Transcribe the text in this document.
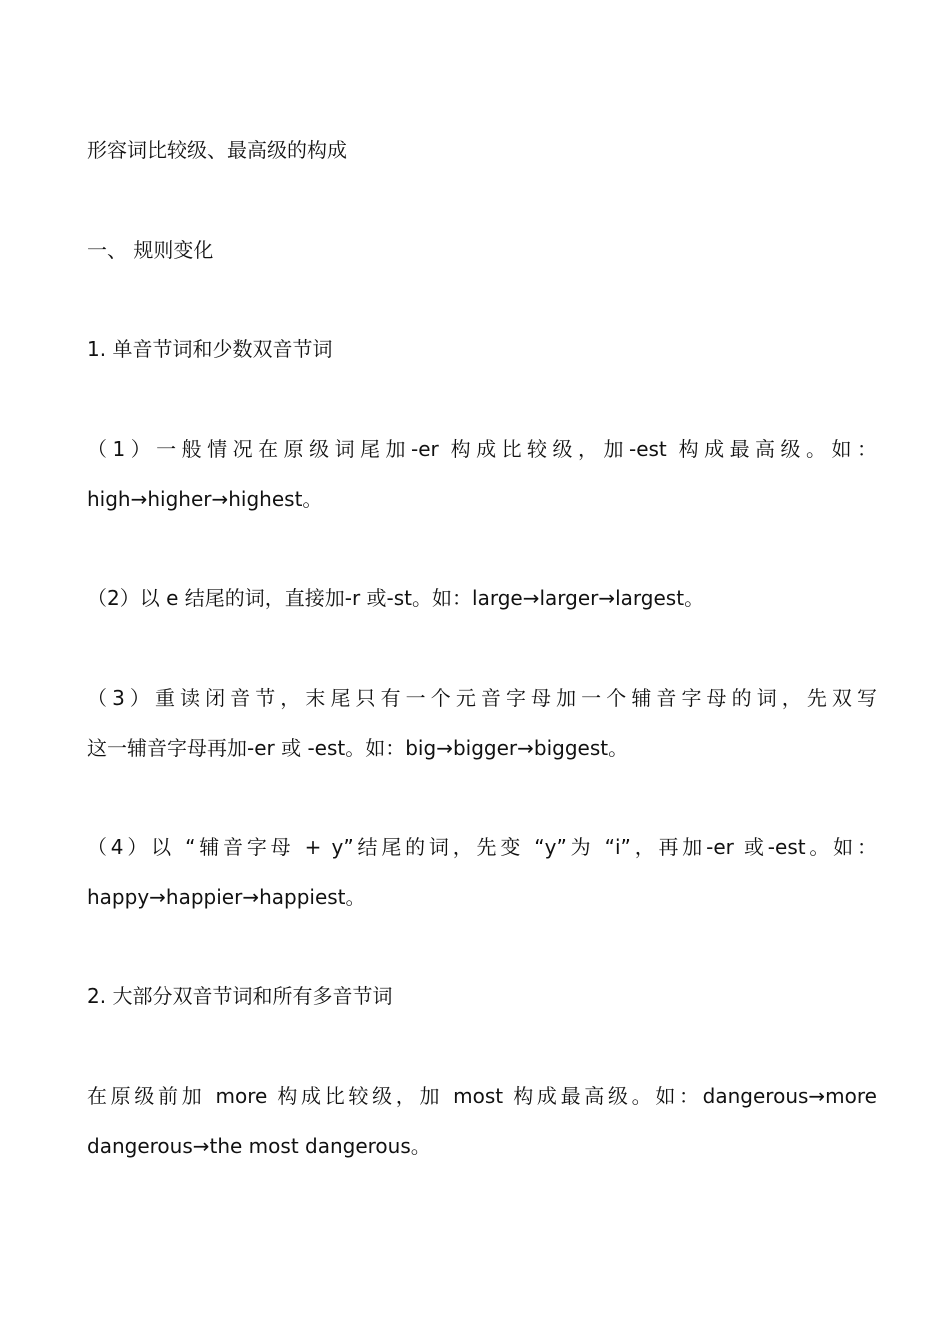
形容词比较级、最高级的构成
一、 规则变化
1. 单音节词和少数双音节词
（1）一般情况在原级词尾加-er 构成比较级，加-est 构成最高级。如：
high→higher→highest。
（2）以 e 结尾的词，直接加-r 或-st。如：large→larger→largest。
（3）重读闭音节，末尾只有一个元音字母加一个辅音字母的词，先双写
这一辅音字母再加-er 或 -est。如：big→bigger→biggest。
（4）以 “辅音字母 + y”结尾的词，先变 “y”为 “i”，再加-er 或-est。如：
happy→happier→happiest。
2. 大部分双音节词和所有多音节词
在原级前加 more 构成比较级，加 most 构成最高级。如：dangerous→more
dangerous→the most dangerous。
